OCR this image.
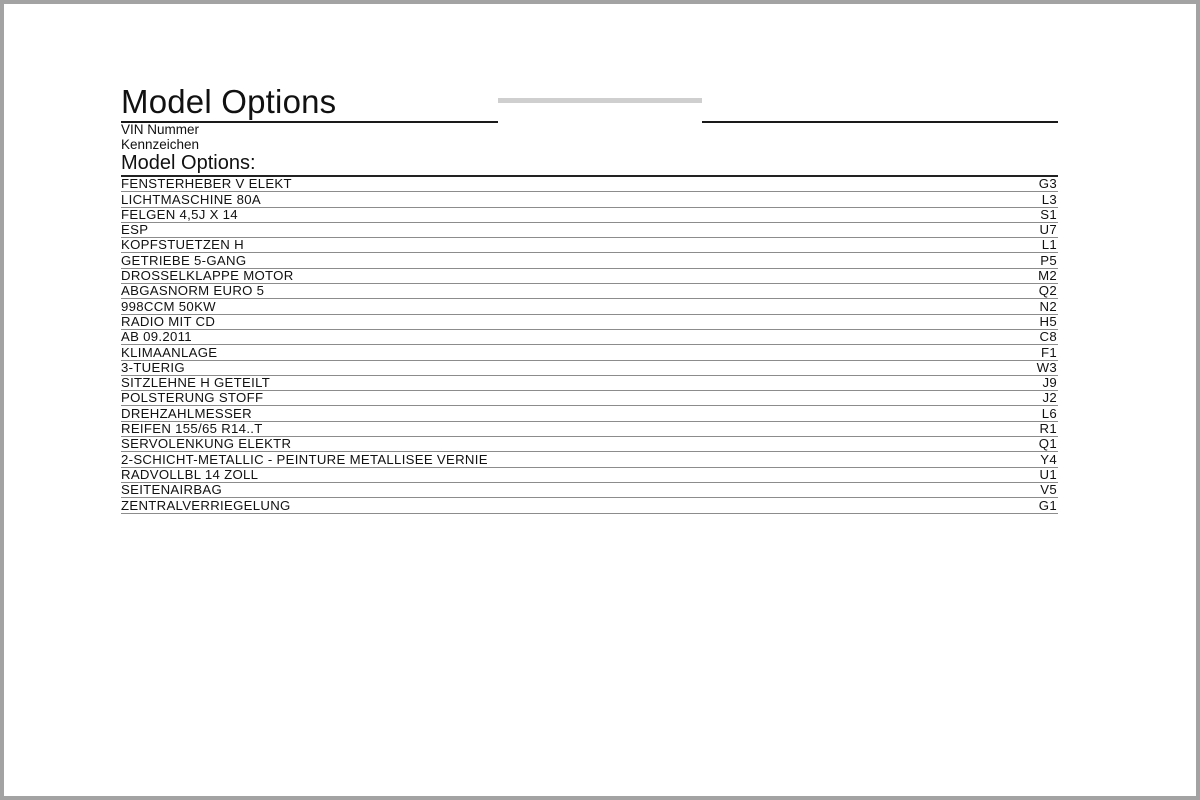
Model Options
VIN Nummer
Kennzeichen
Model Options:
FENSTERHEBER V ELEKT	G3
LICHTMASCHINE 80A	L3
FELGEN 4,5J X 14	S1
ESP	U7
KOPFSTUETZEN H	L1
GETRIEBE 5-GANG	P5
DROSSELKLAPPE MOTOR	M2
ABGASNORM EURO 5	Q2
998CCM 50KW	N2
RADIO MIT CD	H5
AB 09.2011	C8
KLIMAANLAGE	F1
3-TUERIG	W3
SITZLEHNE H GETEILT	J9
POLSTERUNG STOFF	J2
DREHZAHLMESSER	L6
REIFEN 155/65 R14..T	R1
SERVOLENKUNG ELEKTR	Q1
2-SCHICHT-METALLIC - PEINTURE METALLISEE VERNIE	Y4
RADVOLLBL 14 ZOLL	U1
SEITENAIRBAG	V5
ZENTRALVERRIEGELUNG	G1
